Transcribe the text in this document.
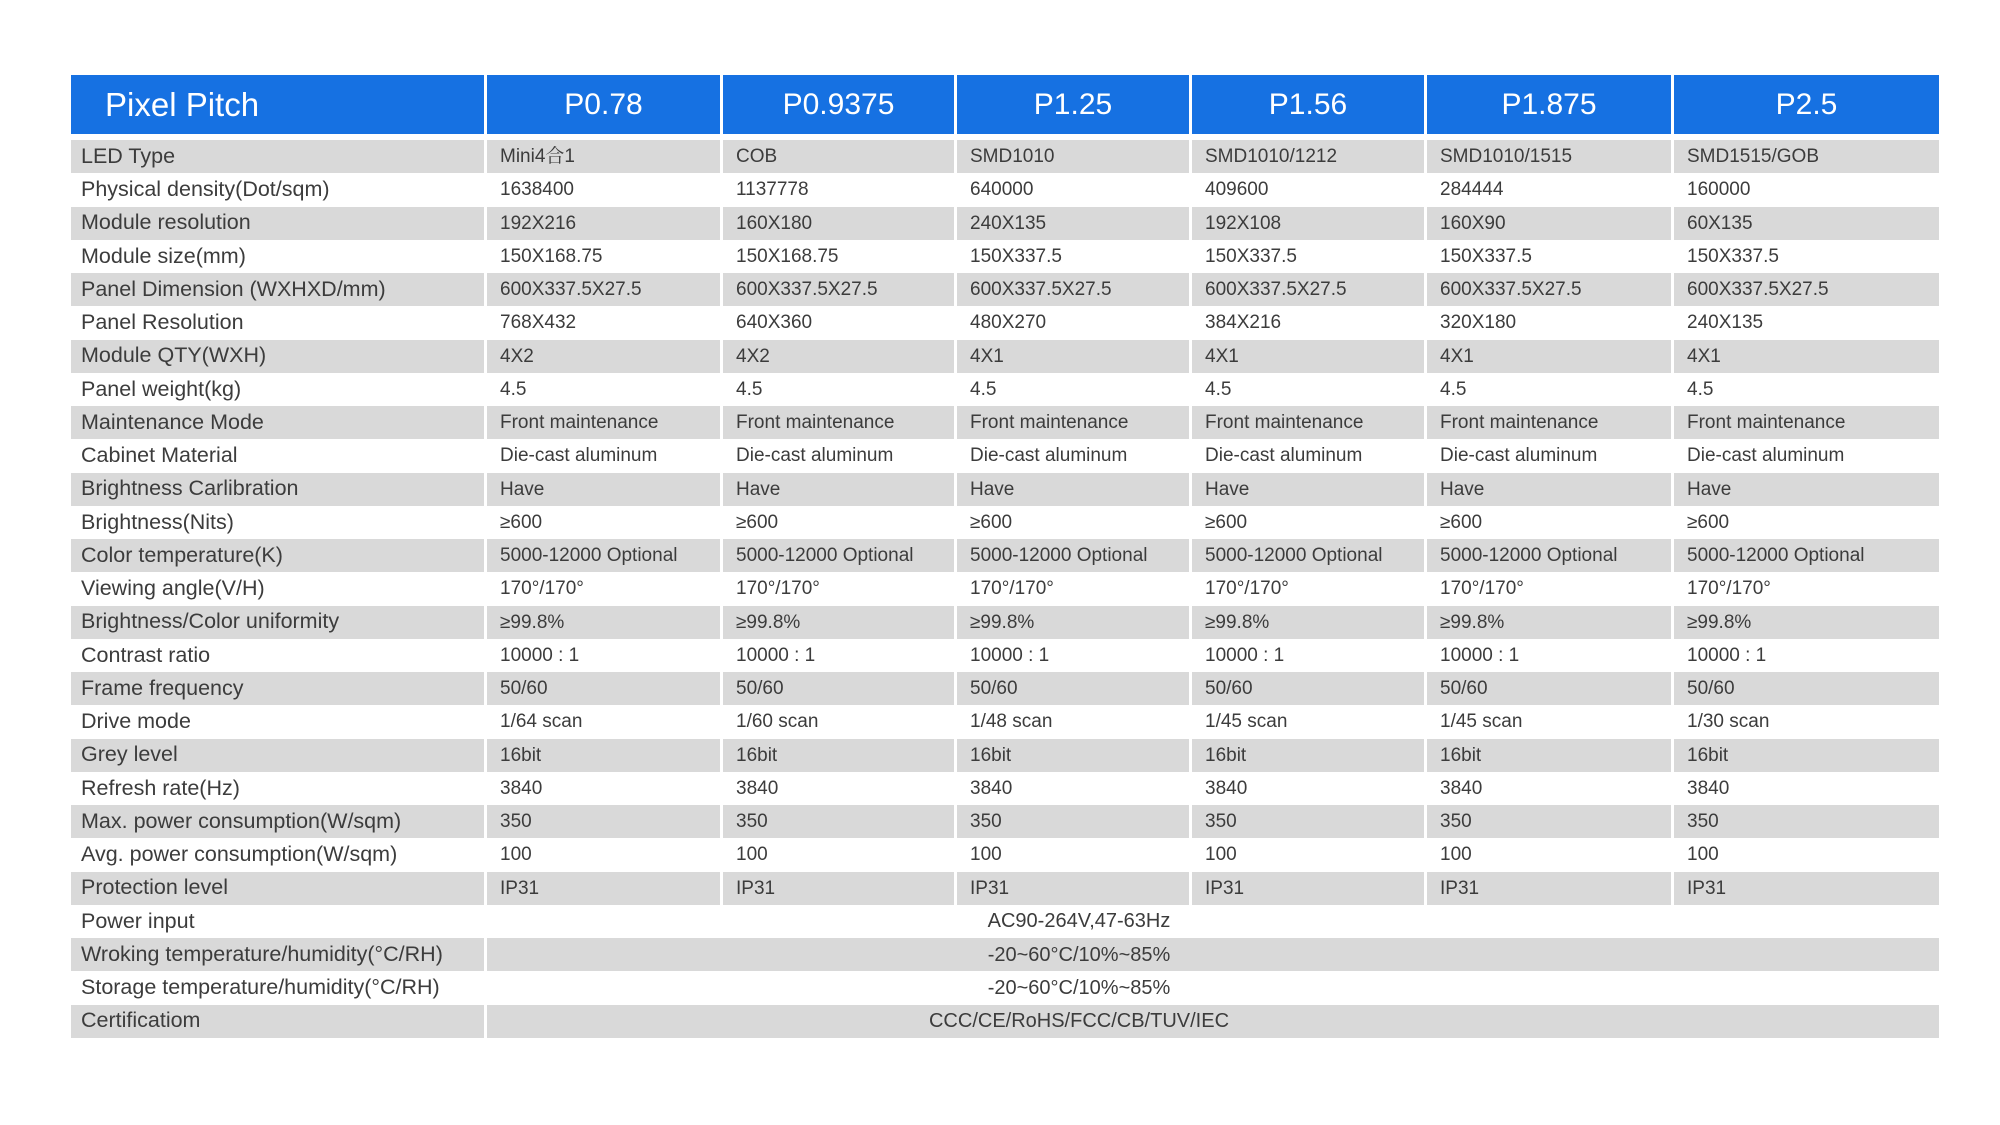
Pixel Pitch	P0.78	P0.9375	P1.25	P1.56	P1.875	P2.5
LED Type	Mini4合1	COB	SMD1010	SMD1010/1212	SMD1010/1515	SMD1515/GOB
Physical density(Dot/sqm)	1638400	1137778	640000	409600	284444	160000
Module resolution	192X216	160X180	240X135	192X108	160X90	60X135
Module size(mm)	150X168.75	150X168.75	150X337.5	150X337.5	150X337.5	150X337.5
Panel Dimension (WXHXD/mm)	600X337.5X27.5	600X337.5X27.5	600X337.5X27.5	600X337.5X27.5	600X337.5X27.5	600X337.5X27.5
Panel Resolution	768X432	640X360	480X270	384X216	320X180	240X135
Module QTY(WXH)	4X2	4X2	4X1	4X1	4X1	4X1
Panel weight(kg)	4.5	4.5	4.5	4.5	4.5	4.5
Maintenance Mode	Front maintenance	Front maintenance	Front maintenance	Front maintenance	Front maintenance	Front maintenance
Cabinet Material	Die-cast aluminum	Die-cast aluminum	Die-cast aluminum	Die-cast aluminum	Die-cast aluminum	Die-cast aluminum
Brightness Carlibration	Have	Have	Have	Have	Have	Have
Brightness(Nits)	≥600	≥600	≥600	≥600	≥600	≥600
Color temperature(K)	5000-12000 Optional	5000-12000 Optional	5000-12000 Optional	5000-12000 Optional	5000-12000 Optional	5000-12000 Optional
Viewing angle(V/H)	170°/170°	170°/170°	170°/170°	170°/170°	170°/170°	170°/170°
Brightness/Color uniformity	≥99.8%	≥99.8%	≥99.8%	≥99.8%	≥99.8%	≥99.8%
Contrast ratio	10000 : 1	10000 : 1	10000 : 1	10000 : 1	10000 : 1	10000 : 1
Frame frequency	50/60	50/60	50/60	50/60	50/60	50/60
Drive mode	1/64 scan	1/60 scan	1/48 scan	1/45 scan	1/45 scan	1/30 scan
Grey level	16bit	16bit	16bit	16bit	16bit	16bit
Refresh rate(Hz)	3840	3840	3840	3840	3840	3840
Max. power consumption(W/sqm)	350	350	350	350	350	350
Avg. power consumption(W/sqm)	100	100	100	100	100	100
Protection level	IP31	IP31	IP31	IP31	IP31	IP31
Power input	AC90-264V,47-63Hz
Wroking temperature/humidity(°C/RH)	-20~60°C/10%~85%
Storage temperature/humidity(°C/RH)	-20~60°C/10%~85%
Certificatiom	CCC/CE/RoHS/FCC/CB/TUV/IEC
